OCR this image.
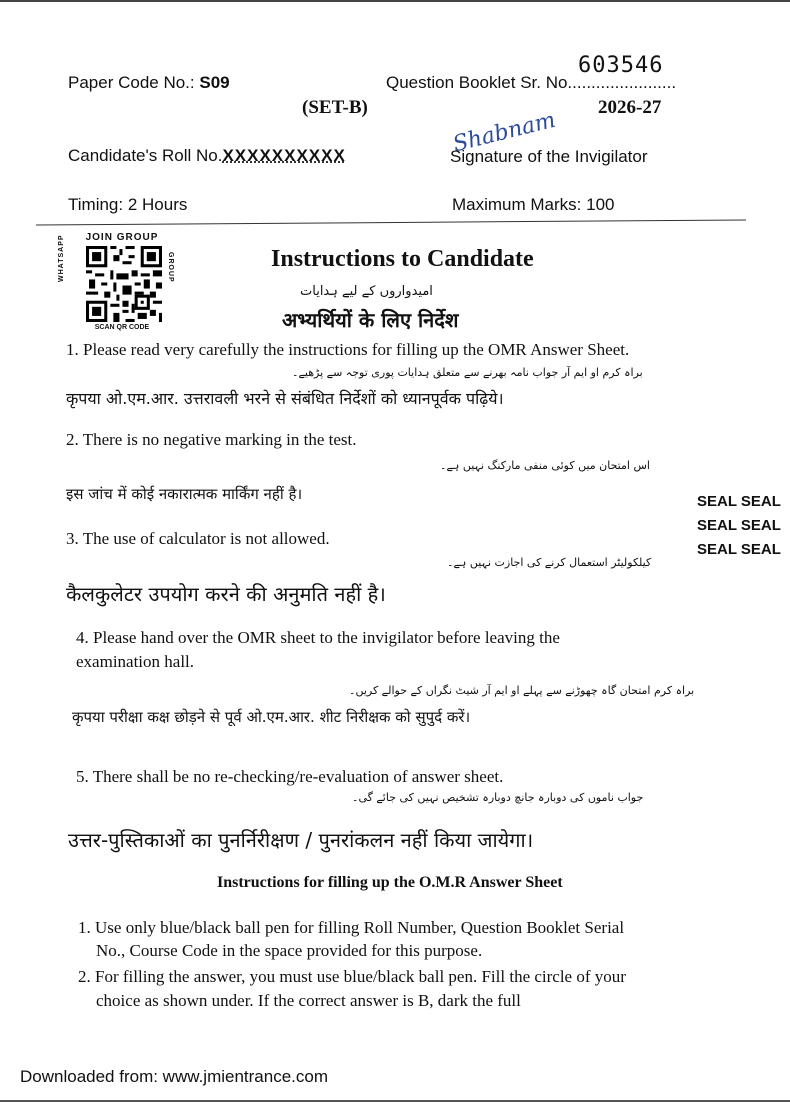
Paper Code No.: S09	Question Booklet Sr. No.......................
603546
(SET-B)	2026-27
Candidate's Roll No.XXXXXXXXXX	Shabnam
Signature of the Invigilator
Timing: 2 Hours	Maximum Marks: 100
JOIN GROUP
WHATSAPP	GROUP
SCAN QR CODE
Instructions to Candidate
امیدواروں کے لیے ہدایات
अभ्यर्थियों के लिए निर्देश
1. Please read very carefully the instructions for filling up the OMR Answer Sheet.
براہ کرم او ایم آر جواب نامہ بھرنے سے متعلق ہدایات پوری توجہ سے پڑھیے۔
कृपया ओ.एम.आर. उत्तरावली भरने से संबंधित निर्देशों को ध्यानपूर्वक पढ़िये।
2. There is no negative marking in the test.
اس امتحان میں کوئی منفی مارکنگ نہیں ہے۔
इस जांच में कोई नकारात्मक मार्किंग नहीं है।	SEAL SEAL
SEAL SEAL
SEAL SEAL
3. The use of calculator is not allowed.
کیلکولیٹر استعمال کرنے کی اجازت نہیں ہے۔
कैलकुलेटर उपयोग करने की अनुमति नहीं है।
4. Please hand over the OMR sheet to the invigilator before leaving the
examination hall.
براہ کرم امتحان گاہ چھوڑنے سے پہلے او ایم آر شیٹ نگراں کے حوالے کریں۔
कृपया परीक्षा कक्ष छोड़ने से पूर्व ओ.एम.आर. शीट निरीक्षक को सुपुर्द करें।
5. There shall be no re-checking/re-evaluation of answer sheet.
جواب ناموں کی دوبارہ جانچ دوبارہ تشخیص نہیں کی جائے گی۔
उत्तर-पुस्तिकाओं का पुनर्निरीक्षण / पुनरांकलन नहीं किया जायेगा।
Instructions for filling up the O.M.R Answer Sheet
1. Use only blue/black ball pen for filling Roll Number, Question Booklet Serial
No., Course Code in the space provided for this purpose.
2. For filling the answer, you must use blue/black ball pen. Fill the circle of your
choice as shown under. If the correct answer is B, dark the full
Downloaded from: www.jmientrance.com
